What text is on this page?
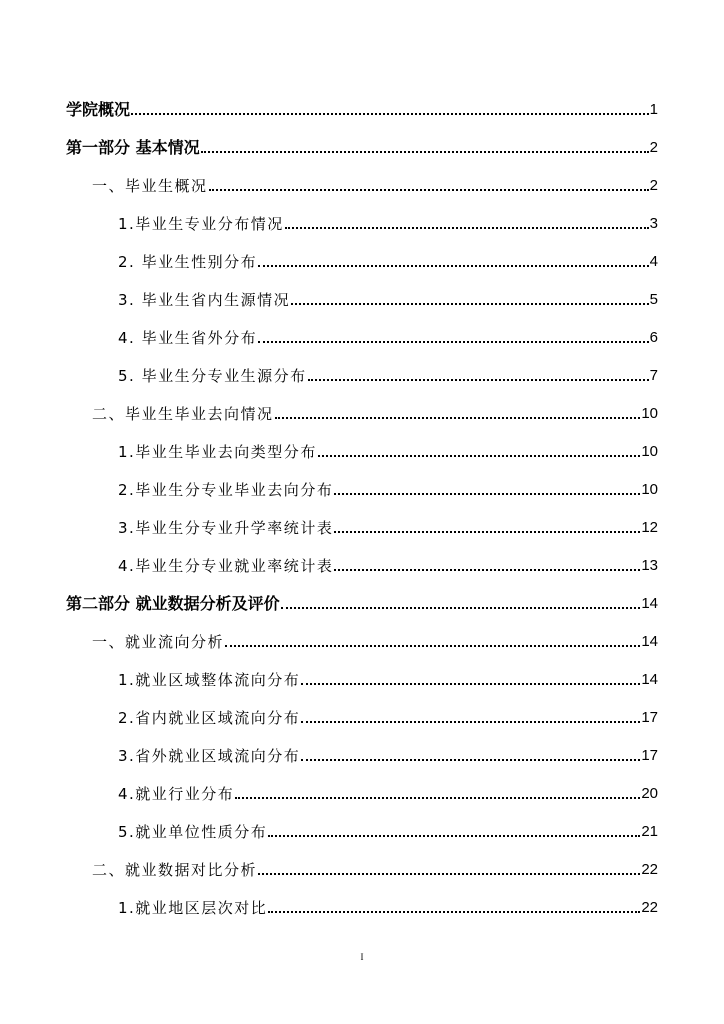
学院概况	1
第一部分 基本情况	2
一、毕业生概况	2
1.毕业生专业分布情况	3
2. 毕业生性别分布	4
3. 毕业生省内生源情况	5
4. 毕业生省外分布	6
5. 毕业生分专业生源分布	7
二、毕业生毕业去向情况	10
1.毕业生毕业去向类型分布	10
2.毕业生分专业毕业去向分布	10
3.毕业生分专业升学率统计表	12
4.毕业生分专业就业率统计表	13
第二部分 就业数据分析及评价	14
一、就业流向分析	14
1.就业区域整体流向分布	14
2.省内就业区域流向分布	17
3.省外就业区域流向分布	17
4.就业行业分布	20
5.就业单位性质分布	21
二、就业数据对比分析	22
1.就业地区层次对比	22
I
